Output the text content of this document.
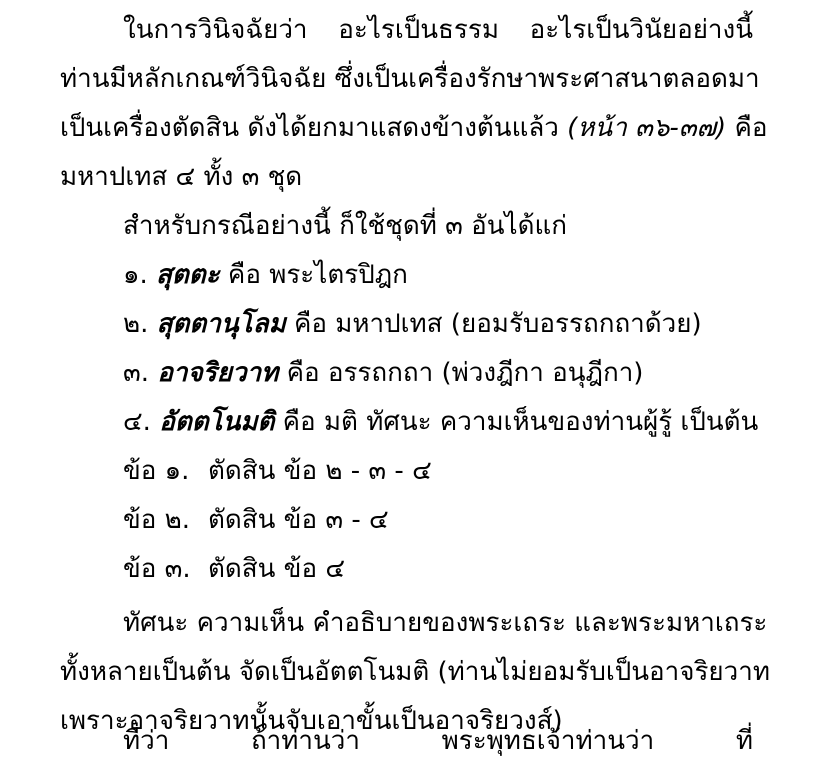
ในการวินิจฉัยว่า อะไรเป็นธรรม อะไรเป็นวินัยอย่างนี้
ท่านมีหลักเกณฑ์วินิจฉัย ซึ่งเป็นเครื่องรักษาพระศาสนาตลอดมา
เป็นเครื่องตัดสิน ดังได้ยกมาแสดงข้างต้นแล้ว (หน้า ๓๖-๓๗) คือ
มหาปเทส ๔ ทั้ง ๓ ชุด
สำหรับกรณีอย่างนี้ ก็ใช้ชุดที่ ๓ อันได้แก่
๑. สุตตะ คือ พระไตรปิฎก
๒. สุตตานุโลม คือ มหาปเทส (ยอมรับอรรถกถาด้วย)
๓. อาจริยวาท คือ อรรถกถา (พ่วงฎีกา อนุฎีกา)
๔. อัตตโนมติ คือ มติ ทัศนะ ความเห็นของท่านผู้รู้ เป็นต้น
ข้อ ๑. ตัดสิน ข้อ ๒ - ๓ - ๔
ข้อ ๒. ตัดสิน ข้อ ๓ - ๔
ข้อ ๓. ตัดสิน ข้อ ๔
ทัศนะ ความเห็น คำอธิบายของพระเถระ และพระมหาเถระ
ทั้งหลายเป็นต้น จัดเป็นอัตตโนมติ (ท่านไม่ยอมรับเป็นอาจริยวาท
เพราะอาจริยวาทนั้นจับเอาขั้นเป็นอาจริยวงส์)
ที่ว่า ถ้าท่านว่า พระพุทธเจ้าท่านว่า ที่
